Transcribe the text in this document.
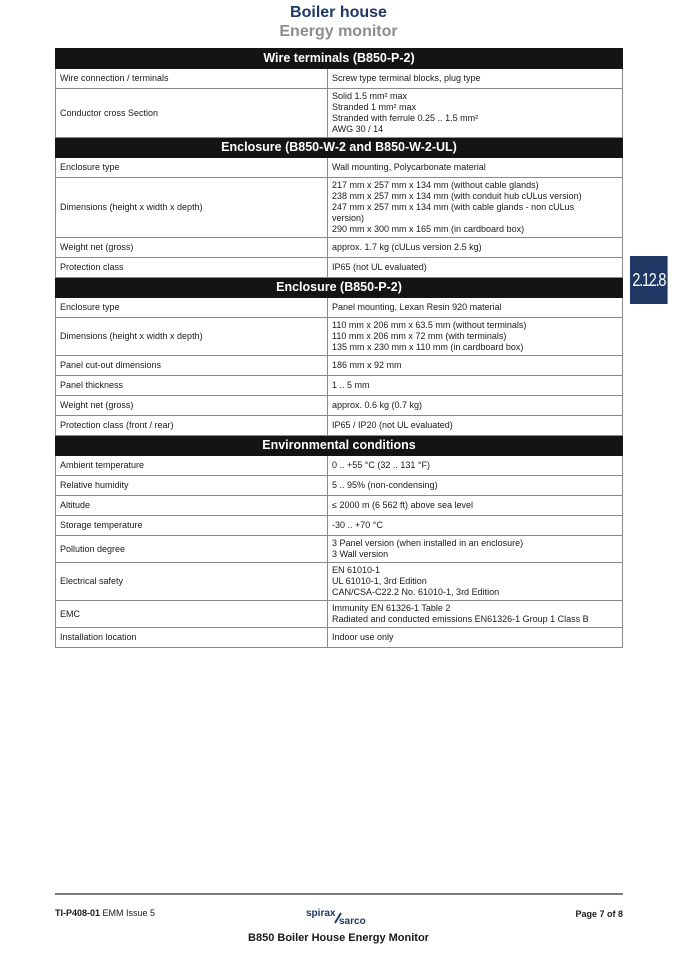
Boiler house
Energy monitor
Wire terminals (B850-P-2)	
Wire connection / terminals	Screw type terminal blocks, plug type

Conductor cross Section	Solid 1.5 mm² max
Stranded 1 mm² max
Stranded with ferrule 0.25 .. 1.5 mm²
AWG 30 / 14

Enclosure (B850-W-2 and B850-W-2-UL)	
Enclosure type	Wall mounting, Polycarbonate material

Dimensions (height x width x depth)	217 mm x 257 mm x 134 mm (without cable glands)
238 mm x 257 mm x 134 mm (with conduit hub cULus version)
247 mm x 257 mm x 134 mm (with cable glands - non cULus
version)
290 mm x 300 mm x 165 mm (in cardboard box)

Weight net (gross)	approx. 1.7 kg (cULus version 2.5 kg)

Protection class	IP65 (not UL evaluated)

Enclosure (B850-P-2)	
Enclosure type	Panel mounting, Lexan Resin 920 material

Dimensions (height x width x depth)	110 mm x 206 mm x 63.5 mm (without terminals)
110 mm x 206 mm x 72 mm (with terminals)
135 mm x 230 mm x 110 mm (in cardboard box)

Panel cut-out dimensions	186 mm x 92 mm

Panel thickness	1 .. 5 mm

Weight net (gross)	approx. 0.6 kg (0.7 kg)

Protection class (front / rear)	IP65 / IP20 (not UL evaluated)

Environmental conditions	
Ambient temperature	0 .. +55 °C (32 .. 131 °F)

Relative humidity	5 .. 95% (non-condensing)

Altitude	≤ 2000 m (6 562 ft) above sea level

Storage temperature	-30 .. +70 °C

Pollution degree	3 Panel version (when installed in an enclosure)
3 Wall version

Electrical safety	EN 61010-1
UL 61010-1, 3rd Edition
CAN/CSA-C22.2 No. 61010-1, 3rd Edition

EMC	Immunity EN 61326-1 Table 2
Radiated and conducted emissions EN61326-1 Group 1 Class B

Installation location	Indoor use only
2.12.8
TI-P408-01 EMM Issue 5	spirax
sarco
Page 7 of 8
B850 Boiler House Energy Monitor
